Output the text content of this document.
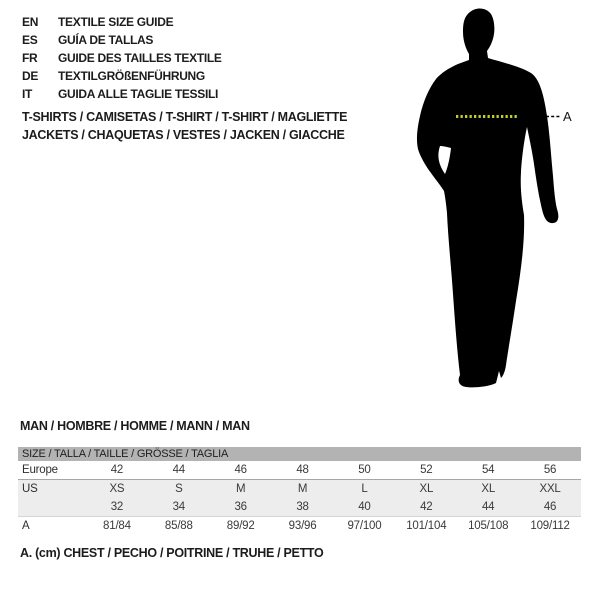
EN	TEXTILE SIZE GUIDE
ES	GUÍA DE TALLAS
FR	GUIDE DES TAILLES TEXTILE
DE	TEXTILGRÖßENFÜHRUNG
IT	GUIDA ALLE TAGLIE TESSILI
T-SHIRTS / CAMISETAS / T-SHIRT / T-SHIRT / MAGLIETTE
JACKETS / CHAQUETAS / VESTES / JACKEN / GIACCHE
A
MAN / HOMBRE / HOMME / MANN / MAN
SIZE / TALLA / TAILLE / GRÖSSE / TAGLIA
Europe	42	44	46	48	50	52	54	56
US	XS	S	M	M	L	XL	XL	XXL
	32	34	36	38	40	42	44	46
A	81/84	85/88	89/92	93/96	97/100	101/104	105/108	109/112
A. (cm) CHEST / PECHO / POITRINE / TRUHE / PETTO
